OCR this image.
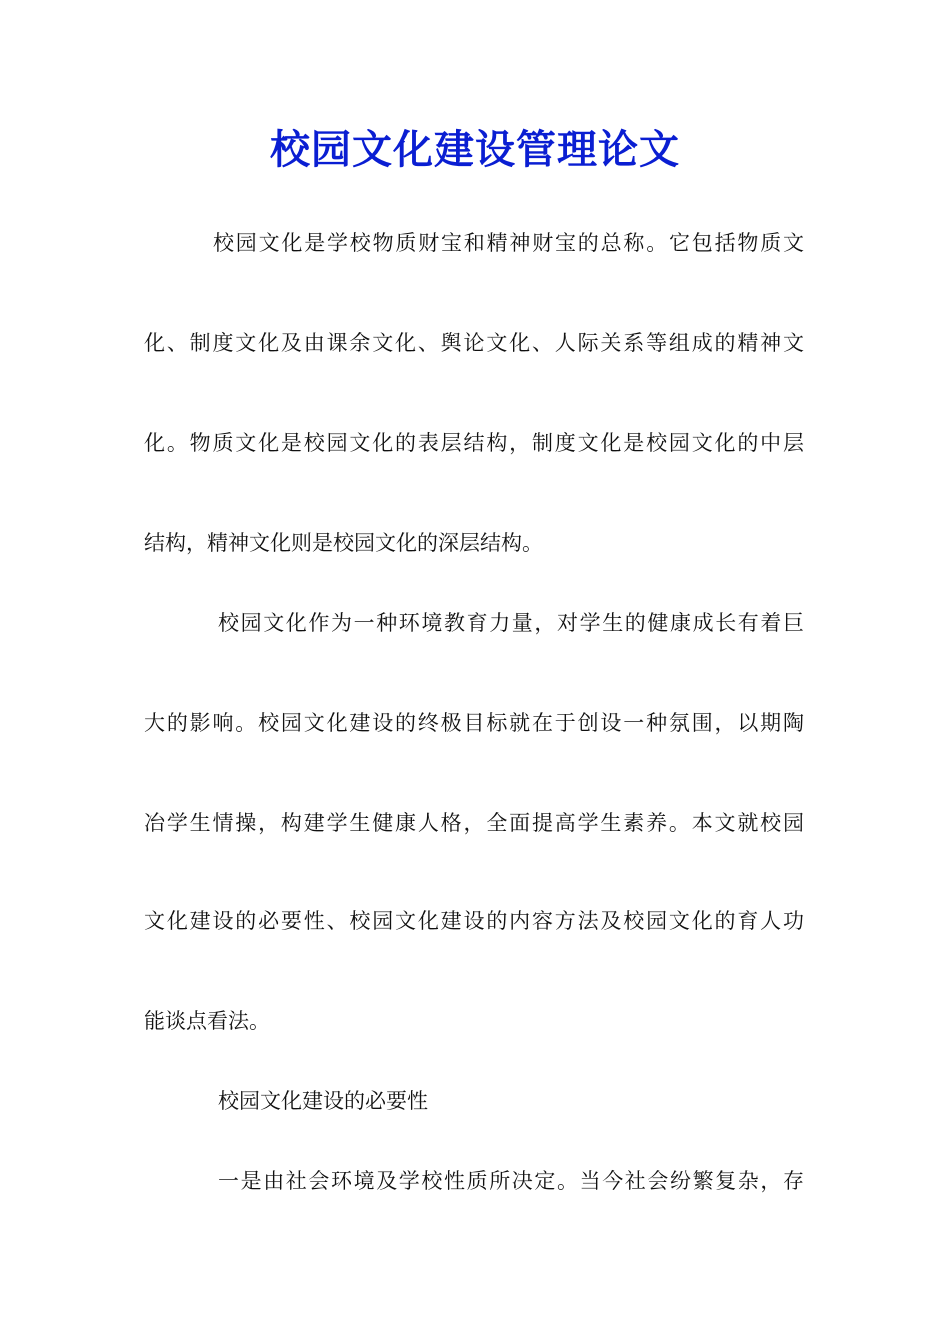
校园文化建设管理论文
校园文化是学校物质财宝和精神财宝的总称。它包括物质文
化、制度文化及由课余文化、舆论文化、人际关系等组成的精神文
化。物质文化是校园文化的表层结构，制度文化是校园文化的中层
结构，精神文化则是校园文化的深层结构。
校园文化作为一种环境教育力量，对学生的健康成长有着巨
大的影响。校园文化建设的终极目标就在于创设一种氛围，以期陶
冶学生情操，构建学生健康人格，全面提高学生素养。本文就校园
文化建设的必要性、校园文化建设的内容方法及校园文化的育人功
能谈点看法。
校园文化建设的必要性
一是由社会环境及学校性质所决定。当今社会纷繁复杂，存
